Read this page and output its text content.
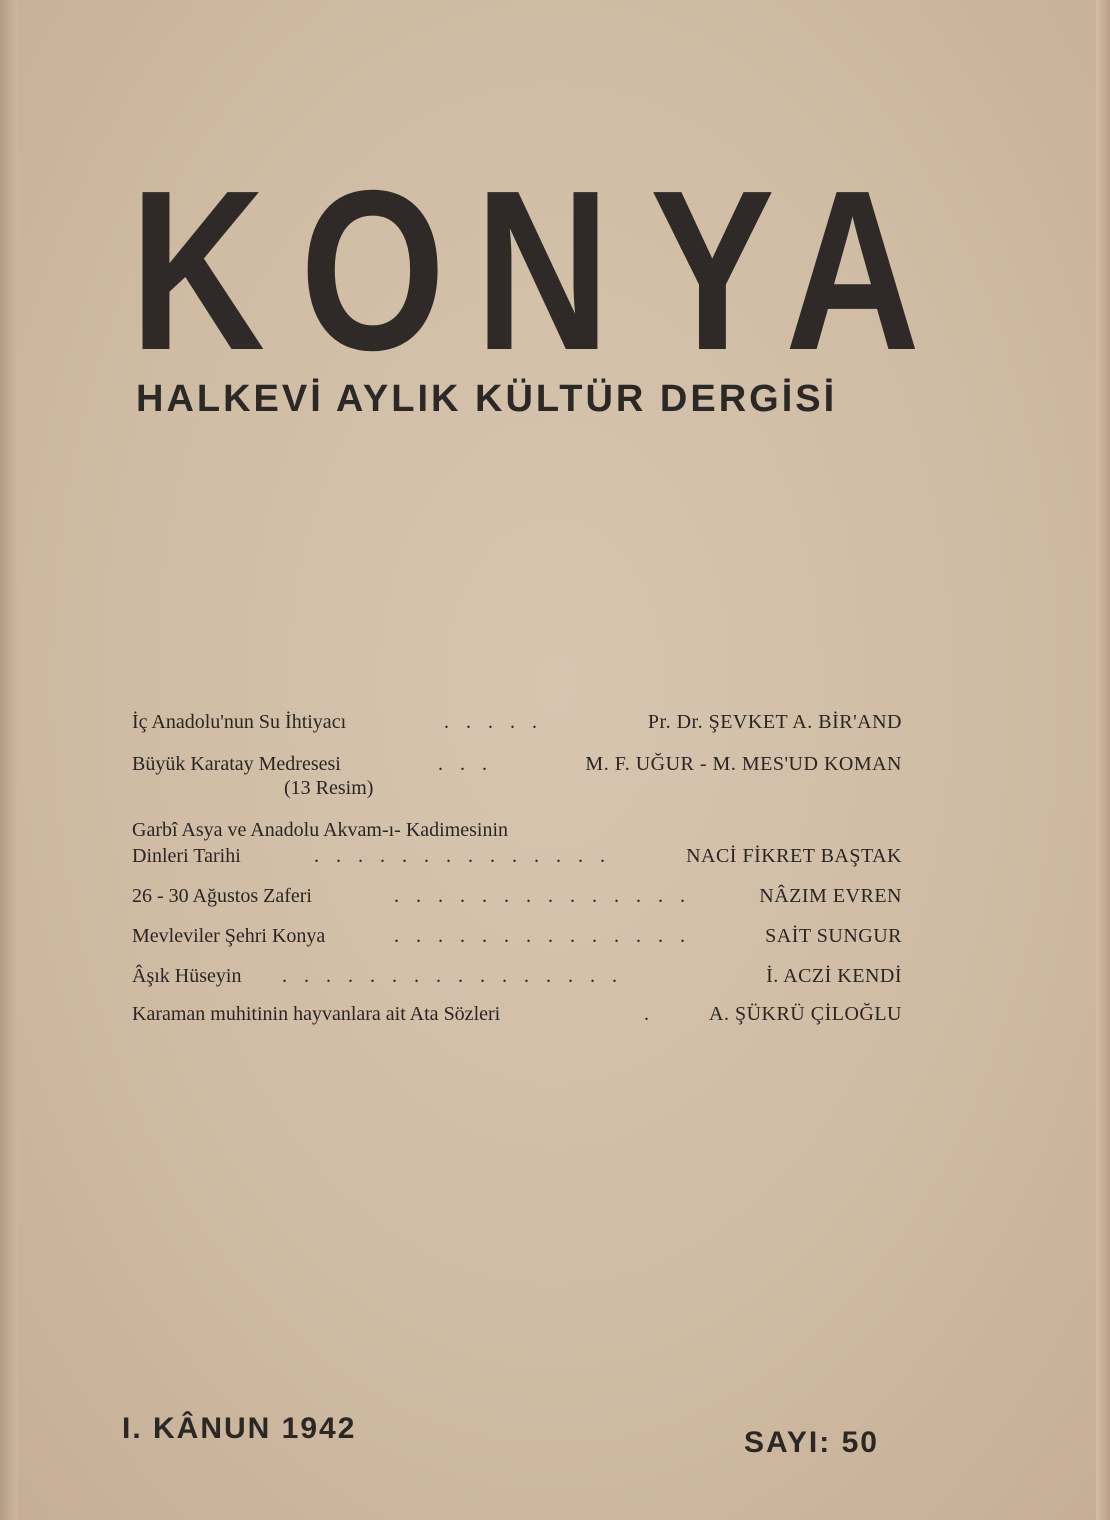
K O N Y A
HALKEVİ AYLIK KÜLTÜR DERGİSİ
İç Anadolu'nun Su İhtiyacı	. . . . .	Pr. Dr. ŞEVKET A. BİR'AND
Büyük Karatay Medresesi	. . .	M. F. UĞUR - M. MES'UD KOMAN
(13 Resim)
Garbî Asya ve Anadolu Akvam-ı- Kadimesinin
Dinleri Tarihi	. . . . . . . . . . . . . .	NACİ FİKRET BAŞTAK
26 - 30 Ağustos Zaferi	. . . . . . . . . . . . . .	NÂZIM EVREN
Mevleviler Şehri Konya	. . . . . . . . . . . . . .	SAİT SUNGUR
Âşık Hüseyin . . . . . . . . . . . . . . . .	İ. ACZİ KENDİ
Karaman muhitinin hayvanlara ait Ata Sözleri	.	A. ŞÜKRÜ ÇİLOĞLU
I. KÂNUN 1942	SAYI: 50
